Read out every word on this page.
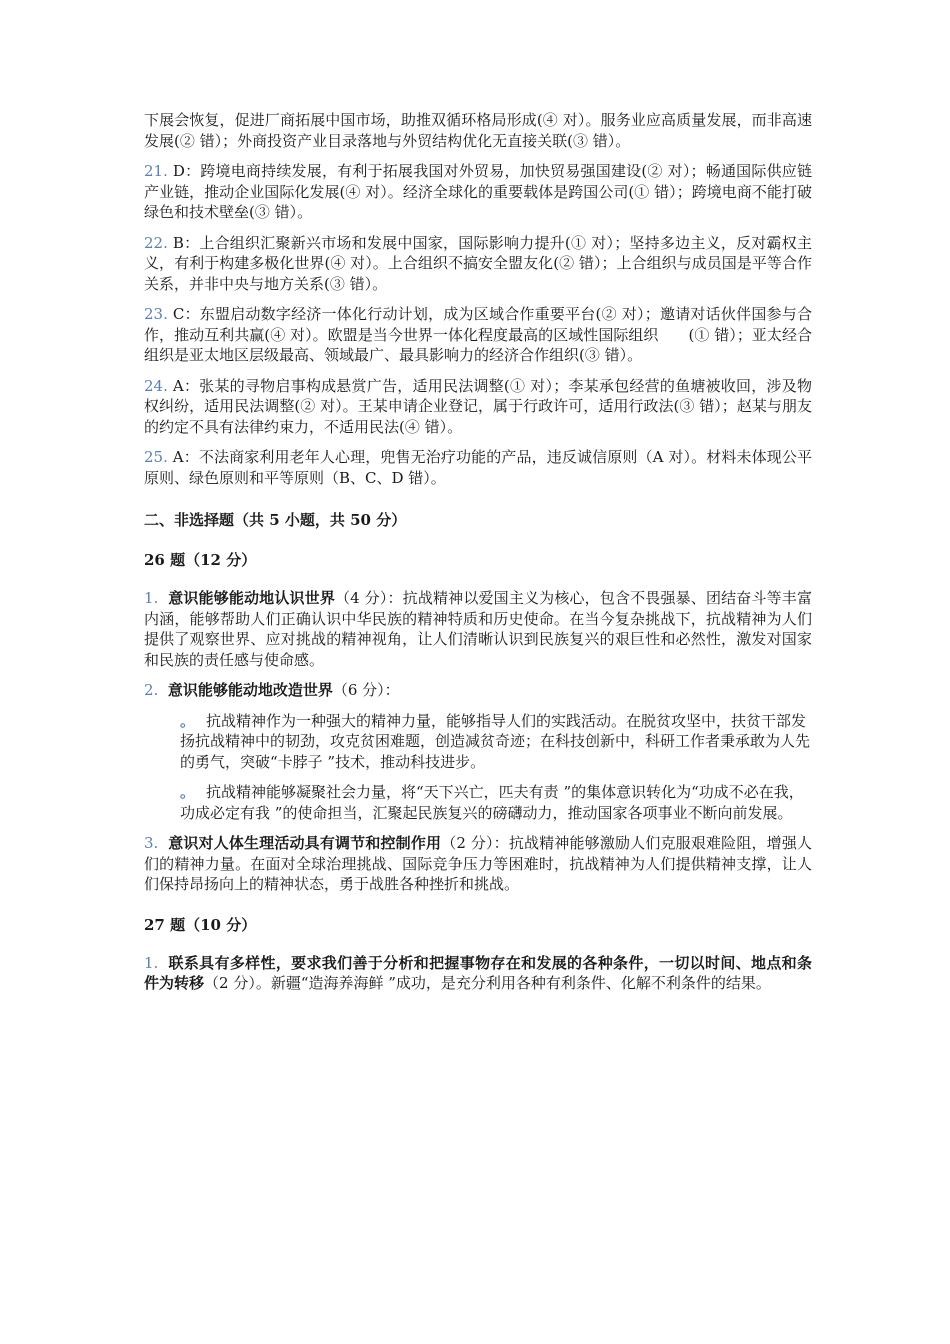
下展会恢复，促进厂商拓展中国市场，助推双循环格局形成(④ 对）。服务业应高质量发展，而非高速发展(② 错）；外商投资产业目录落地与外贸结构优化无直接关联(③ 错）。

21. D：跨境电商持续发展，有利于拓展我国对外贸易，加快贸易强国建设(② 对）；畅通国际供应链产业链，推动企业国际化发展(④ 对）。经济全球化的重要载体是跨国公司(① 错）；跨境电商不能打破绿色和技术壁垒(③ 错）。

22. B：上合组织汇聚新兴市场和发展中国家，国际影响力提升(① 对）；坚持多边主义，反对霸权主义，有利于构建多极化世界(④ 对）。上合组织不搞安全盟友化(② 错）；上合组织与成员国是平等合作关系，并非中央与地方关系(③ 错）。

23. C：东盟启动数字经济一体化行动计划，成为区域合作重要平台(② 对）；邀请对话伙伴国参与合作，推动互利共赢(④ 对）。欧盟是当今世界一体化程度最高的区域性国际组织　　(① 错）；亚太经合组织是亚太地区层级最高、领域最广、最具影响力的经济合作组织(③ 错）。

24. A：张某的寻物启事构成悬赏广告，适用民法调整(① 对）；李某承包经营的鱼塘被收回，涉及物权纠纷，适用民法调整(② 对）。王某申请企业登记，属于行政许可，适用行政法(③ 错）；赵某与朋友的约定不具有法律约束力，不适用民法(④ 错）。

25. A：不法商家利用老年人心理，兜售无治疗功能的产品，违反诚信原则（A 对）。材料未体现公平原则、绿色原则和平等原则（B、C、D 错）。

二、非选择题（共 5 小题，共 50 分）
26 题（12 分）

1. 意识能够能动地认识世界（4 分）：抗战精神以爱国主义为核心，包含不畏强暴、团结奋斗等丰富内涵，能够帮助人们正确认识中华民族的精神特质和历史使命。在当今复杂挑战下，抗战精神为人们提供了观察世界、应对挑战的精神视角，让人们清晰认识到民族复兴的艰巨性和必然性，激发对国家和民族的责任感与使命感。

2. 意识能够能动地改造世界（6 分）：

。 抗战精神作为一种强大的精神力量，能够指导人们的实践活动。在脱贫攻坚中，扶贫干部发扬抗战精神中的韧劲，攻克贫困难题，创造减贫奇迹；在科技创新中，科研工作者秉承敢为人先的勇气，突破“卡脖子 ”技术，推动科技进步。
。 抗战精神能够凝聚社会力量，将“天下兴亡，匹夫有责 ”的集体意识转化为“功成不必在我，功成必定有我 ”的使命担当，汇聚起民族复兴的磅礴动力，推动国家各项事业不断向前发展。

3. 意识对人体生理活动具有调节和控制作用（2 分）：抗战精神能够激励人们克服艰难险阻，增强人们的精神力量。在面对全球治理挑战、国际竞争压力等困难时，抗战精神为人们提供精神支撑，让人们保持昂扬向上的精神状态，勇于战胜各种挫折和挑战。

27 题（10 分）

1. 联系具有多样性，要求我们善于分析和把握事物存在和发展的各种条件，一切以时间、地点和条件为转移（2 分）。新疆“造海养海鲜 ”成功，是充分利用各种有利条件、化解不利条件的结果。
